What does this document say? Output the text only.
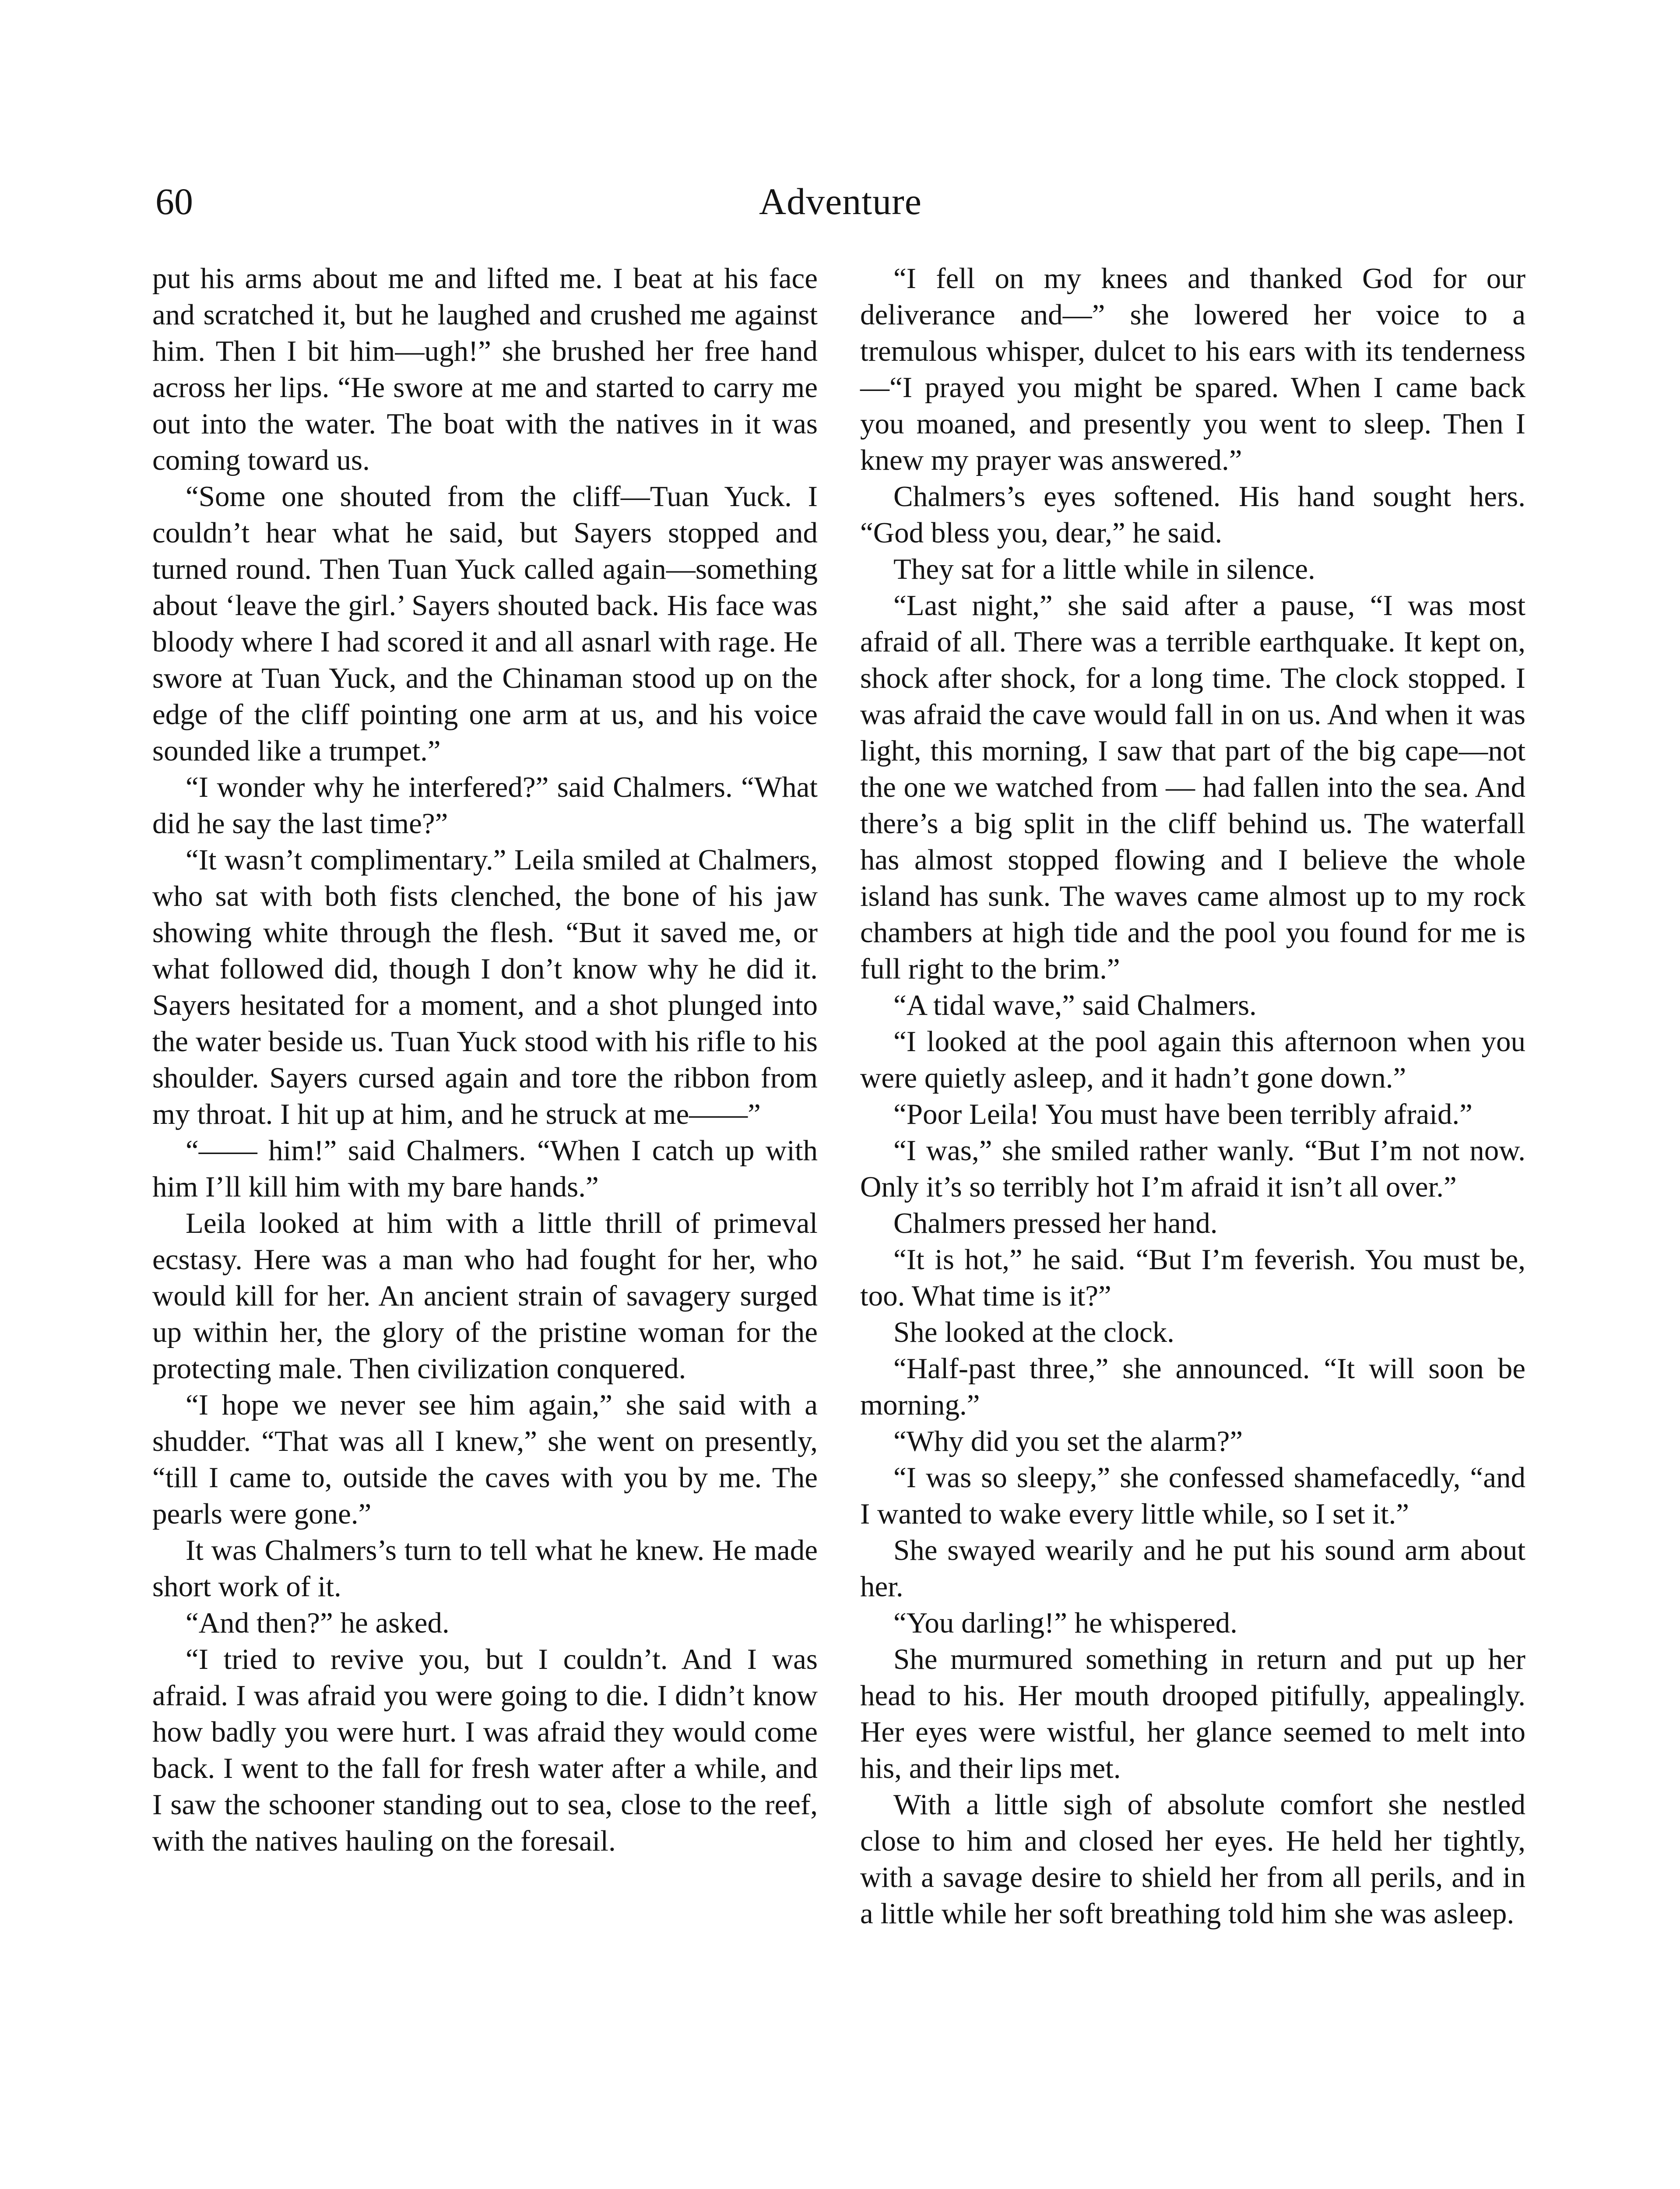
60	Adventure

put his arms about me and lifted me. I beat at his face and scratched it, but he laughed and crushed me against him. Then I bit him—ugh!” she brushed her free hand across her lips. “He swore at me and started to carry me out into the water. The boat with the natives in it was coming toward us.

“Some one shouted from the cliff—Tuan Yuck. I couldn’t hear what he said, but Sayers stopped and turned round. Then Tuan Yuck called again—something about ‘leave the girl.’ Sayers shouted back. His face was bloody where I had scored it and all asnarl with rage. He swore at Tuan Yuck, and the Chinaman stood up on the edge of the cliff pointing one arm at us, and his voice sounded like a trumpet.”

“I wonder why he interfered?” said Chalmers. “What did he say the last time?”

“It wasn’t complimentary.” Leila smiled at Chalmers, who sat with both fists clenched, the bone of his jaw showing white through the flesh. “But it saved me, or what followed did, though I don’t know why he did it. Sayers hesitated for a moment, and a shot plunged into the water beside us. Tuan Yuck stood with his rifle to his shoulder. Sayers cursed again and tore the ribbon from my throat. I hit up at him, and he struck at me——”

“—— him!” said Chalmers. “When I catch up with him I’ll kill him with my bare hands.”

Leila looked at him with a little thrill of primeval ecstasy. Here was a man who had fought for her, who would kill for her. An ancient strain of savagery surged up within her, the glory of the pristine woman for the protecting male. Then civilization conquered.

“I hope we never see him again,” she said with a shudder. “That was all I knew,” she went on presently, “till I came to, outside the caves with you by me. The pearls were gone.”

It was Chalmers’s turn to tell what he knew. He made short work of it.

“And then?” he asked.

“I tried to revive you, but I couldn’t. And I was afraid. I was afraid you were going to die. I didn’t know how badly you were hurt. I was afraid they would come back. I went to the fall for fresh water after a while, and I saw the schooner standing out to sea, close to the reef, with the natives hauling on the foresail.

“I fell on my knees and thanked God for our deliverance and—” she lowered her voice to a tremulous whisper, dulcet to his ears with its tenderness—“I prayed you might be spared. When I came back you moaned, and presently you went to sleep. Then I knew my prayer was answered.”

Chalmers’s eyes softened. His hand sought hers. “God bless you, dear,” he said.

They sat for a little while in silence.

“Last night,” she said after a pause, “I was most afraid of all. There was a terrible earthquake. It kept on, shock after shock, for a long time. The clock stopped. I was afraid the cave would fall in on us. And when it was light, this morning, I saw that part of the big cape—not the one we watched from — had fallen into the sea. And there’s a big split in the cliff behind us. The waterfall has almost stopped flowing and I believe the whole island has sunk. The waves came almost up to my rock chambers at high tide and the pool you found for me is full right to the brim.”

“A tidal wave,” said Chalmers.

“I looked at the pool again this afternoon when you were quietly asleep, and it hadn’t gone down.”

“Poor Leila! You must have been terribly afraid.”

“I was,” she smiled rather wanly. “But I’m not now. Only it’s so terribly hot I’m afraid it isn’t all over.”

Chalmers pressed her hand.

“It is hot,” he said. “But I’m feverish. You must be, too. What time is it?”

She looked at the clock.

“Half-past three,” she announced. “It will soon be morning.”

“Why did you set the alarm?”

“I was so sleepy,” she confessed shamefacedly, “and I wanted to wake every little while, so I set it.”

She swayed wearily and he put his sound arm about her.

“You darling!” he whispered.

She murmured something in return and put up her head to his. Her mouth drooped pitifully, appealingly. Her eyes were wistful, her glance seemed to melt into his, and their lips met.

With a little sigh of absolute comfort she nestled close to him and closed her eyes. He held her tightly, with a savage desire to shield her from all perils, and in a little while her soft breathing told him she was asleep.
